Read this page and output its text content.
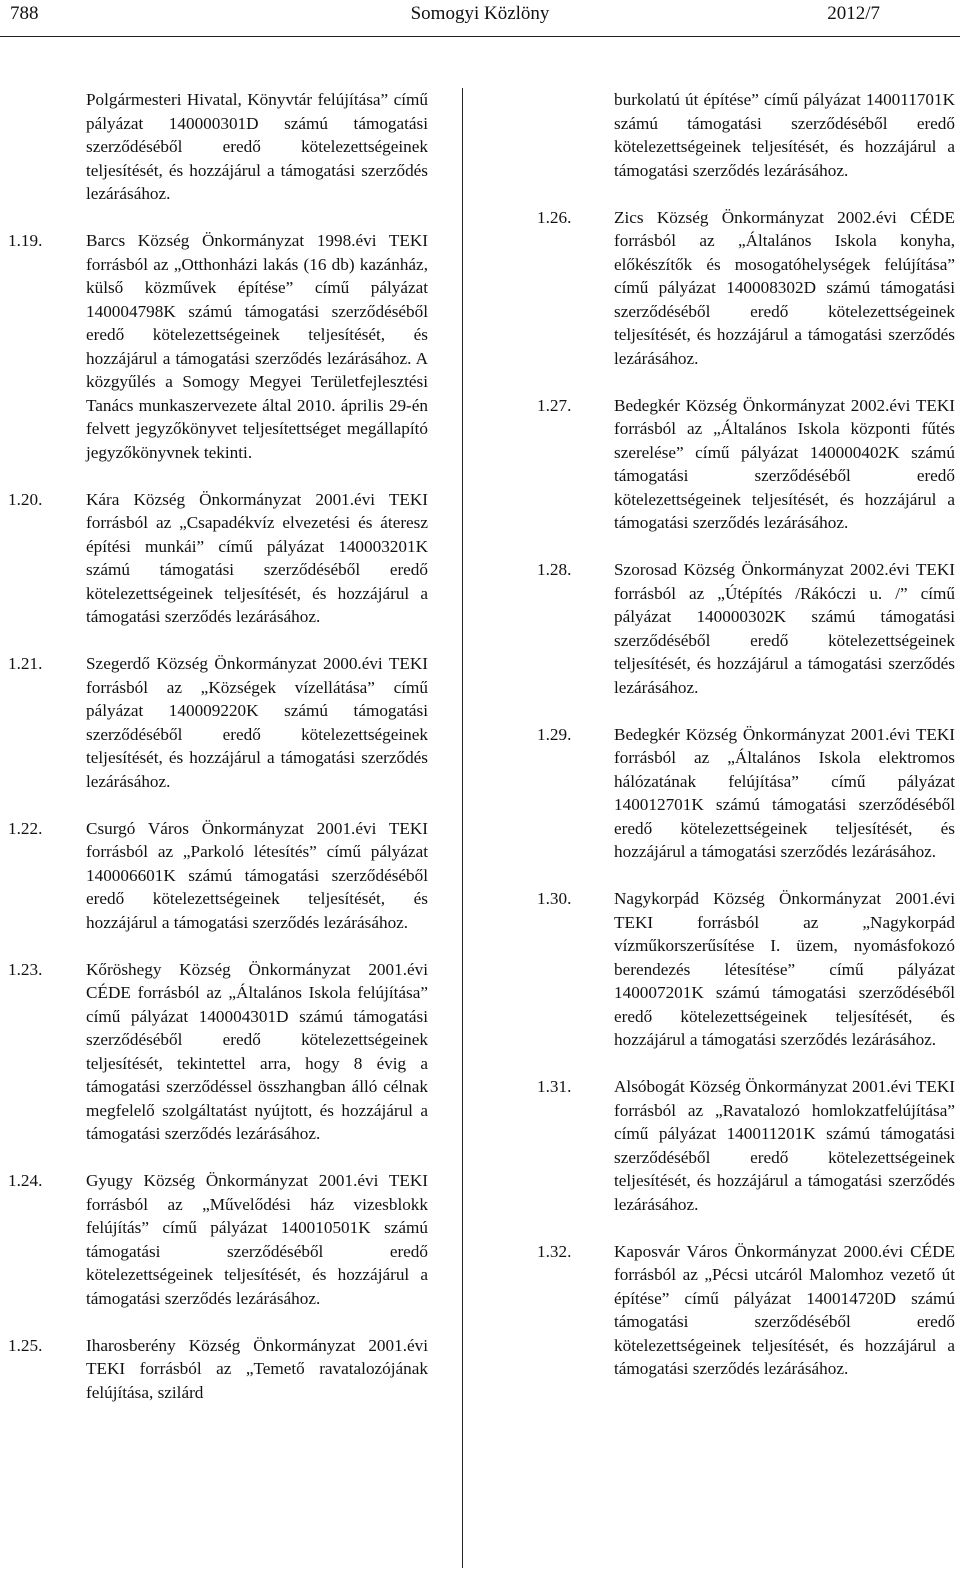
788	Somogyi Közlöny	2012/7
Polgármesteri Hivatal, Könyvtár felújítása” című pályázat 140000301D számú támogatási szerződéséből eredő kötelezettségeinek teljesítését, és hozzájárul a támogatási szerződés lezárásához.
1.19.	Barcs Község Önkormányzat 1998.évi TEKI forrásból az „Otthonházi lakás (16 db) kazánház, külső közművek építése” című pályázat 140004798K számú támogatási szerződéséből eredő kötelezettségeinek teljesítését, és hozzájárul a támogatási szerződés lezárásához. A közgyűlés a Somogy Megyei Területfejlesztési Tanács munkaszervezete által 2010. április 29-én felvett jegyzőkönyvet teljesítettséget megállapító jegyzőkönyvnek tekinti.
1.20.	Kára Község Önkormányzat 2001.évi TEKI forrásból az „Csapadékvíz elvezetési és áteresz építési munkái” című pályázat 140003201K számú támogatási szerződéséből eredő kötelezettségeinek teljesítését, és hozzájárul a támogatási szerződés lezárásához.
1.21.	Szegerdő Község Önkormányzat 2000.évi TEKI forrásból az „Községek vízellátása” című pályázat 140009220K számú támogatási szerződéséből eredő kötelezettségeinek teljesítését, és hozzájárul a támogatási szerződés lezárásához.
1.22.	Csurgó Város Önkormányzat 2001.évi TEKI forrásból az „Parkoló létesítés” című pályázat 140006601K számú támogatási szerződéséből eredő kötelezettségeinek teljesítését, és hozzájárul a támogatási szerződés lezárásához.
1.23.	Kőröshegy Község Önkormányzat 2001.évi CÉDE forrásból az „Általános Iskola felújítása” című pályázat 140004301D számú támogatási szerződéséből eredő kötelezettségeinek teljesítését, tekintettel arra, hogy 8 évig a támogatási szerződéssel összhangban álló célnak megfelelő szolgáltatást nyújtott, és hozzájárul a támogatási szerződés lezárásához.
1.24.	Gyugy Község Önkormányzat 2001.évi TEKI forrásból az „Művelődési ház vizesblokk felújítás” című pályázat 140010501K számú támogatási szerződéséből eredő kötelezettségeinek teljesítését, és hozzájárul a támogatási szerződés lezárásához.
1.25.	Iharosberény Község Önkormányzat 2001.évi TEKI forrásból az „Temető ravatalozójának felújítása, szilárd
burkolatú út építése” című pályázat 140011701K számú támogatási szerződéséből eredő kötelezettségeinek teljesítését, és hozzájárul a támogatási szerződés lezárásához.
1.26. Zics Község Önkormányzat 2002.évi CÉDE forrásból az „Általános Iskola konyha, előkészítők és mosogatóhelységek felújítása” című pályázat 140008302D számú támogatási szerződéséből eredő kötelezettségeinek teljesítését, és hozzájárul a támogatási szerződés lezárásához.
1.27. Bedegkér Község Önkormányzat 2002.évi TEKI forrásból az „Általános Iskola központi fűtés szerelése” című pályázat 140000402K számú támogatási szerződéséből eredő kötelezettségeinek teljesítését, és hozzájárul a támogatási szerződés lezárásához.
1.28. Szorosad Község Önkormányzat 2002.évi TEKI forrásból az „Útépítés /Rákóczi u. /” című pályázat 140000302K számú támogatási szerződéséből eredő kötelezettségeinek teljesítését, és hozzájárul a támogatási szerződés lezárásához.
1.29. Bedegkér Község Önkormányzat 2001.évi TEKI forrásból az „Általános Iskola elektromos hálózatának felújítása” című pályázat 140012701K számú támogatási szerződéséből eredő kötelezettségeinek teljesítését, és hozzájárul a támogatási szerződés lezárásához.
1.30. Nagykorpád Község Önkormányzat 2001.évi TEKI forrásból az „Nagykorpád vízműkorszerűsítése I. üzem, nyomásfokozó berendezés létesítése” című pályázat 140007201K számú támogatási szerződéséből eredő kötelezettségeinek teljesítését, és hozzájárul a támogatási szerződés lezárásához.
1.31. Alsóbogát Község Önkormányzat 2001.évi TEKI forrásból az „Ravatalozó homlokzatfelújítása” című pályázat 140011201K számú támogatási szerződéséből eredő kötelezettségeinek teljesítését, és hozzájárul a támogatási szerződés lezárásához.
1.32. Kaposvár Város Önkormányzat 2000.évi CÉDE forrásból az „Pécsi utcáról Malomhoz vezető út építése” című pályázat 140014720D számú támogatási szerződéséből eredő kötelezettségeinek teljesítését, és hozzájárul a támogatási szerződés lezárásához.
